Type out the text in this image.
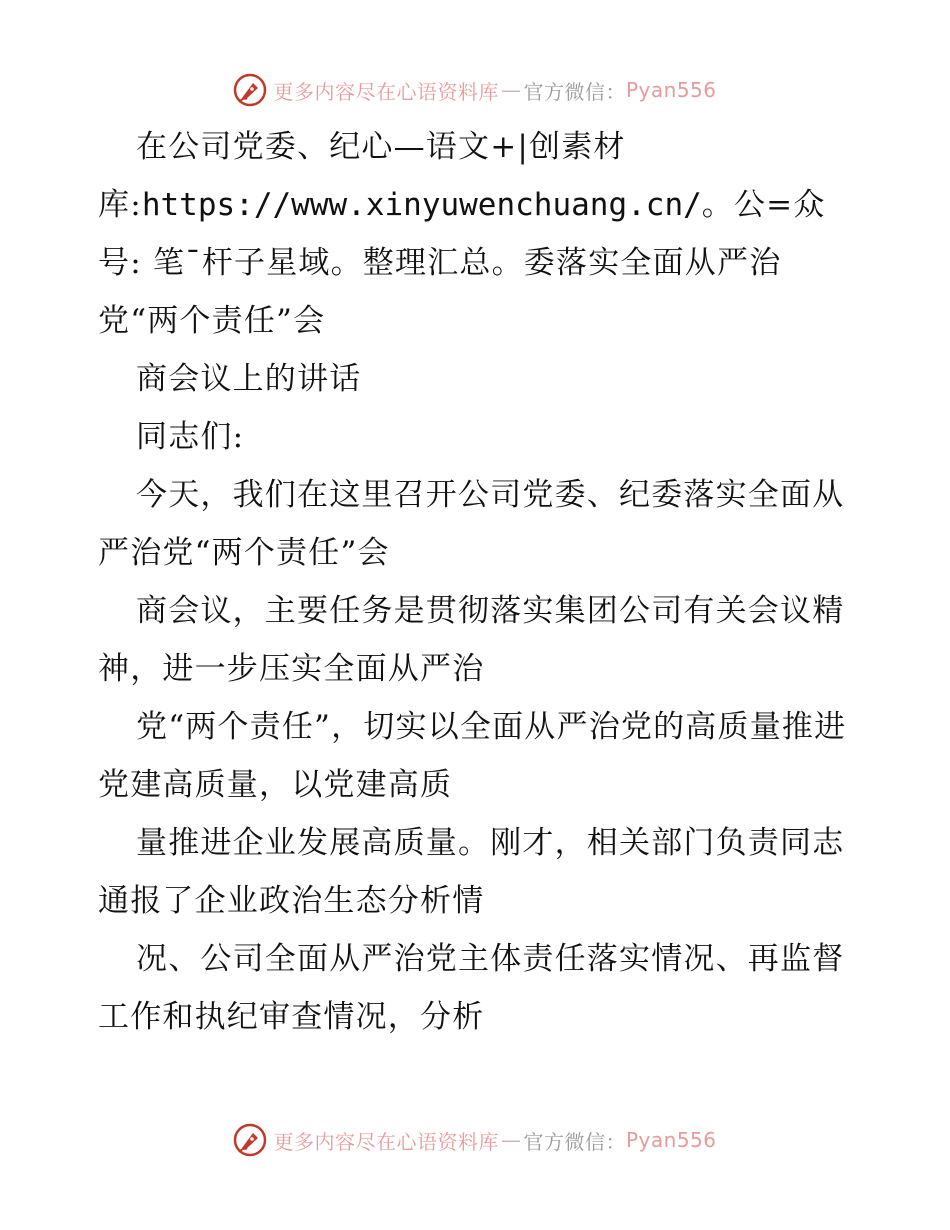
更多内容尽在心语资料库 — 官方微信： Pyan556

在公司党委、纪心—语文+|创素材库:https://www.xinyuwenchuang.cn/。公=众号: 笔¯杆子星域。整理汇总。委落实全面从严治党“两个责任”会

商会议上的讲话

同志们:

今天，我们在这里召开公司党委、纪委落实全面从严治党“两个责任”会

商会议，主要任务是贯彻落实集团公司有关会议精神，进一步压实全面从严治

党“两个责任”，切实以全面从严治党的高质量推进党建高质量，以党建高质

量推进企业发展高质量。刚才，相关部门负责同志通报了企业政治生态分析情

况、公司全面从严治党主体责任落实情况、再监督工作和执纪审查情况，分析

更多内容尽在心语资料库 — 官方微信： Pyan556
